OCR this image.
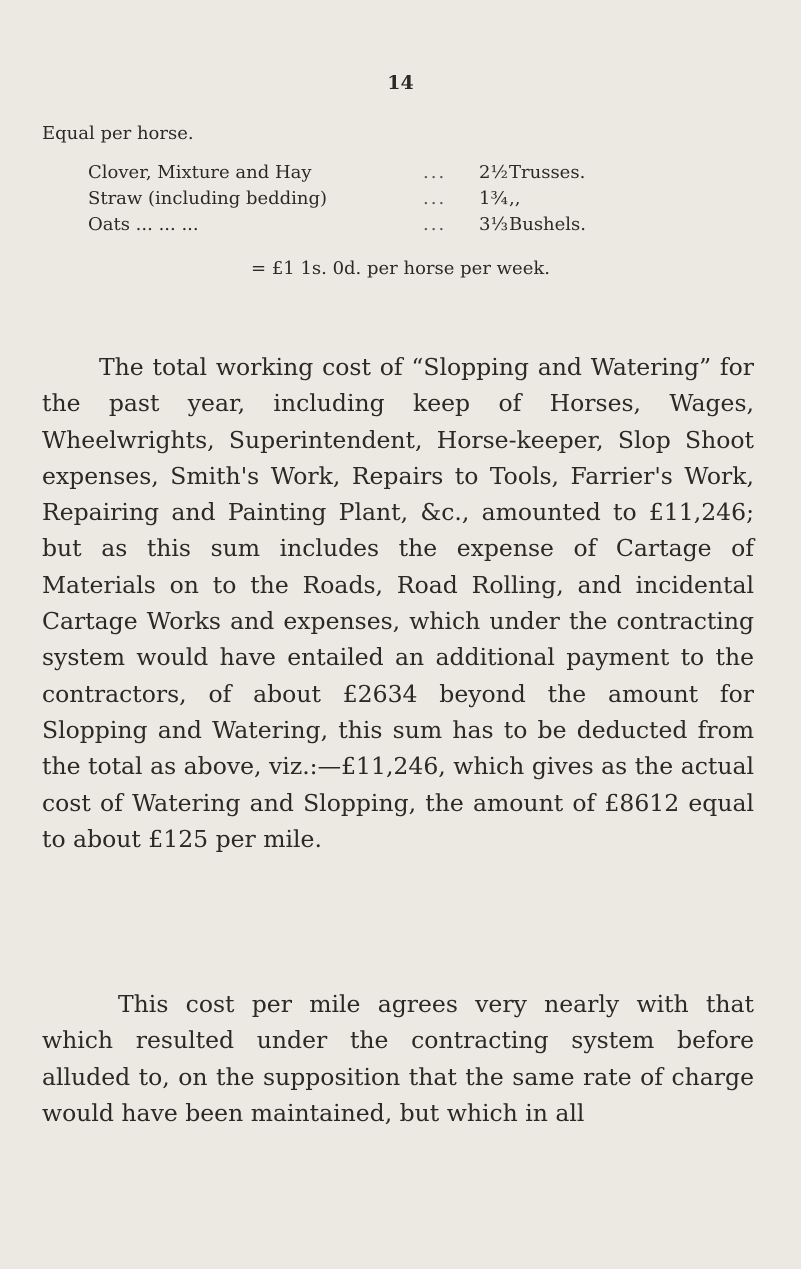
14
Equal per horse.
Clover, Mixture and Hay	...	2½	Trusses.
Straw (including bedding)	...	1¾	,,
Oats ... ... ...	...	3⅓	Bushels.
= £1 1s. 0d. per horse per week.

The total working cost of “Slopping and Watering” for the past year, including keep of Horses, Wages, Wheelwrights, Superintendent, Horse-keeper, Slop Shoot expenses, Smith's Work, Repairs to Tools, Farrier's Work, Repairing and Painting Plant, &c., amounted to £11,246; but as this sum includes the expense of Cartage of Materials on to the Roads, Road Rolling, and incidental Cartage Works and expenses, which under the contracting system would have entailed an additional payment to the contractors, of about £2634 beyond the amount for Slopping and Watering, this sum has to be deducted from the total as above, viz.:—£11,246, which gives as the actual cost of Watering and Slopping, the amount of £8612 equal to about £125 per mile.

This cost per mile agrees very nearly with that which resulted under the contracting system before alluded to, on the supposition that the same rate of charge would have been maintained, but which in all
